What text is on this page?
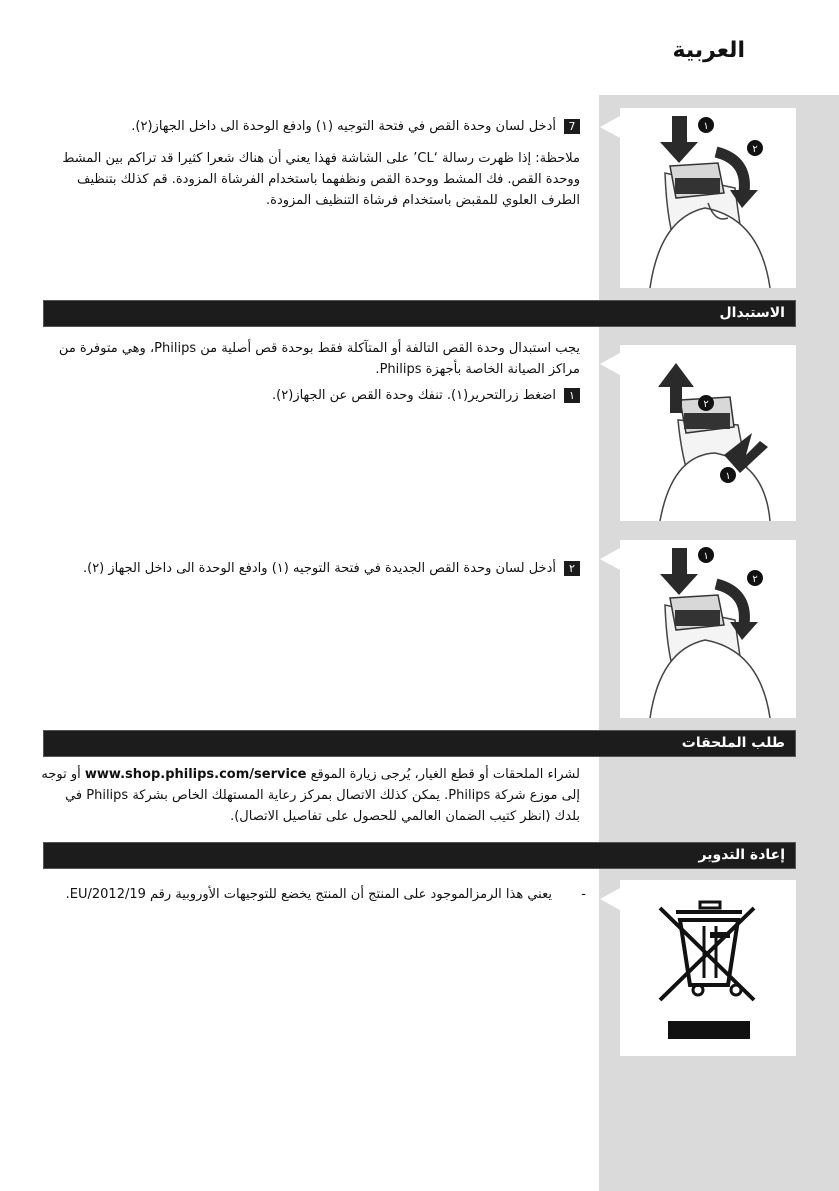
العربية
7أدخل لسان وحدة القص في فتحة التوجيه (١) وادفع الوحدة الى داخل الجهاز(٢).
ملاحظة: إذا ظهرت رسالة ‘CL’ على الشاشة فهذا يعني أن هناك شعرا كثيرا قد تراكم بين المشط ووحدة القص. فك المشط ووحدة القص ونظفهما باستخدام الفرشاة المزودة. قم كذلك بتنظيف الطرف العلوي للمقبض باستخدام فرشاة التنظيف المزودة.
١
٢
الاستبدال
يجب استبدال وحدة القص التالفة أو المتآكلة فقط بوحدة قص أصلية من Philips، وهي متوفرة من مراكز الصيانة الخاصة بأجهزة Philips.
١اضغط زرالتحرير(١). تنفك وحدة القص عن الجهاز(٢).
٢
١
٢أدخل لسان وحدة القص الجديدة في فتحة التوجيه (١) وادفع الوحدة الى داخل الجهاز (٢).
١
٢
طلب الملحقات
لشراء الملحقات أو قطع الغيار، يُرجى زيارة الموقع www.shop.philips.com/service أو توجه إلى موزع شركة Philips. يمكن كذلك الاتصال بمركز رعاية المستهلك الخاص بشركة Philips في بلدك (انظر كتيب الضمان العالمي للحصول على تفاصيل الاتصال).
إعادة التدوير
يعني هذا الرمزالموجود على المنتج أن المنتج يخضع للتوجيهات الأوروبية رقم 2012/19/EU.	-
